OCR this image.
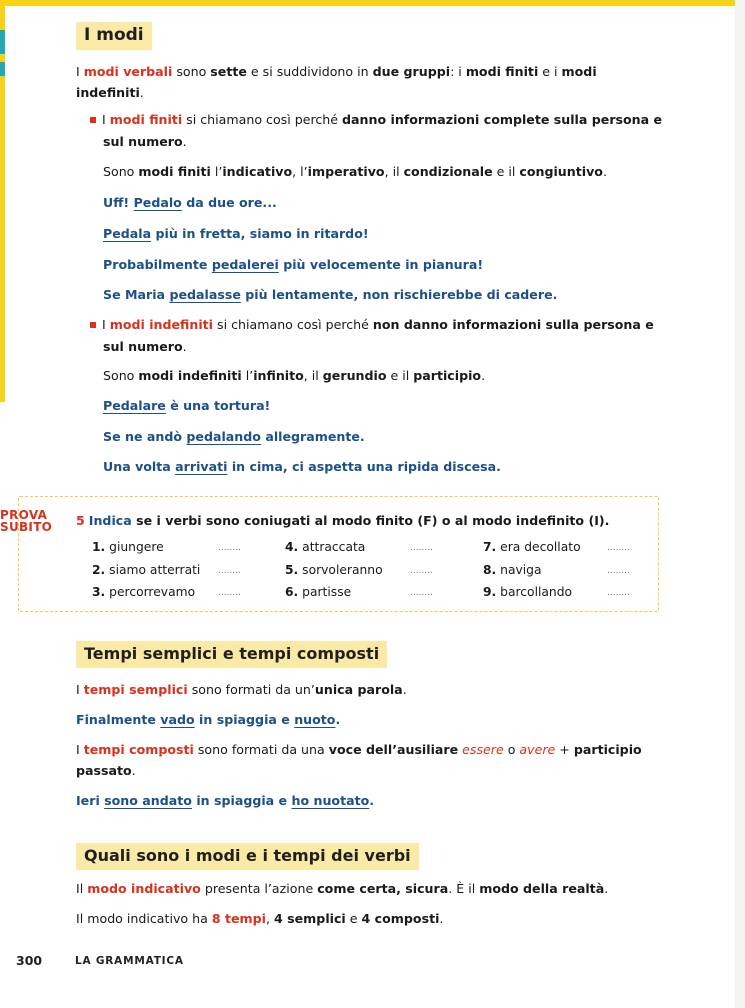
I modi
I modi verbali sono sette e si suddividono in due gruppi: i modi finiti e i modi
indefiniti.
I modi finiti si chiamano così perché danno informazioni complete sulla persona e
sul numero.
Sono modi finiti l’indicativo, l’imperativo, il condizionale e il congiuntivo.
Uff! Pedalo da due ore...
Pedala più in fretta, siamo in ritardo!
Probabilmente pedalerei più velocemente in pianura!
Se Maria pedalasse più lentamente, non rischierebbe di cadere.
I modi indefiniti si chiamano così perché non danno informazioni sulla persona e
sul numero.
Sono modi indefiniti l’infinito, il gerundio e il participio.
Pedalare è una tortura!
Se ne andò pedalando allegramente.
Una volta arrivati in cima, ci aspetta una ripida discesa.
PROVA
SUBITO 5 Indica se i verbi sono coniugati al modo finito (F) o al modo indefinito (I).
1. giungere	........	4. attraccata	........	7. era decollato	........
2. siamo atterrati ........	5. sorvoleranno	........	8. naviga	........
3. percorrevamo	........	6. partisse	........	9. barcollando	........
Tempi semplici e tempi composti
I tempi semplici sono formati da un’unica parola.
Finalmente vado in spiaggia e nuoto.
I tempi composti sono formati da una voce dell’ausiliare essere o avere + participio
passato.
Ieri sono andato in spiaggia e ho nuotato.
Quali sono i modi e i tempi dei verbi
Il modo indicativo presenta l’azione come certa, sicura. È il modo della realtà.
Il modo indicativo ha 8 tempi, 4 semplici e 4 composti.
300	LA GRAMMATICA
